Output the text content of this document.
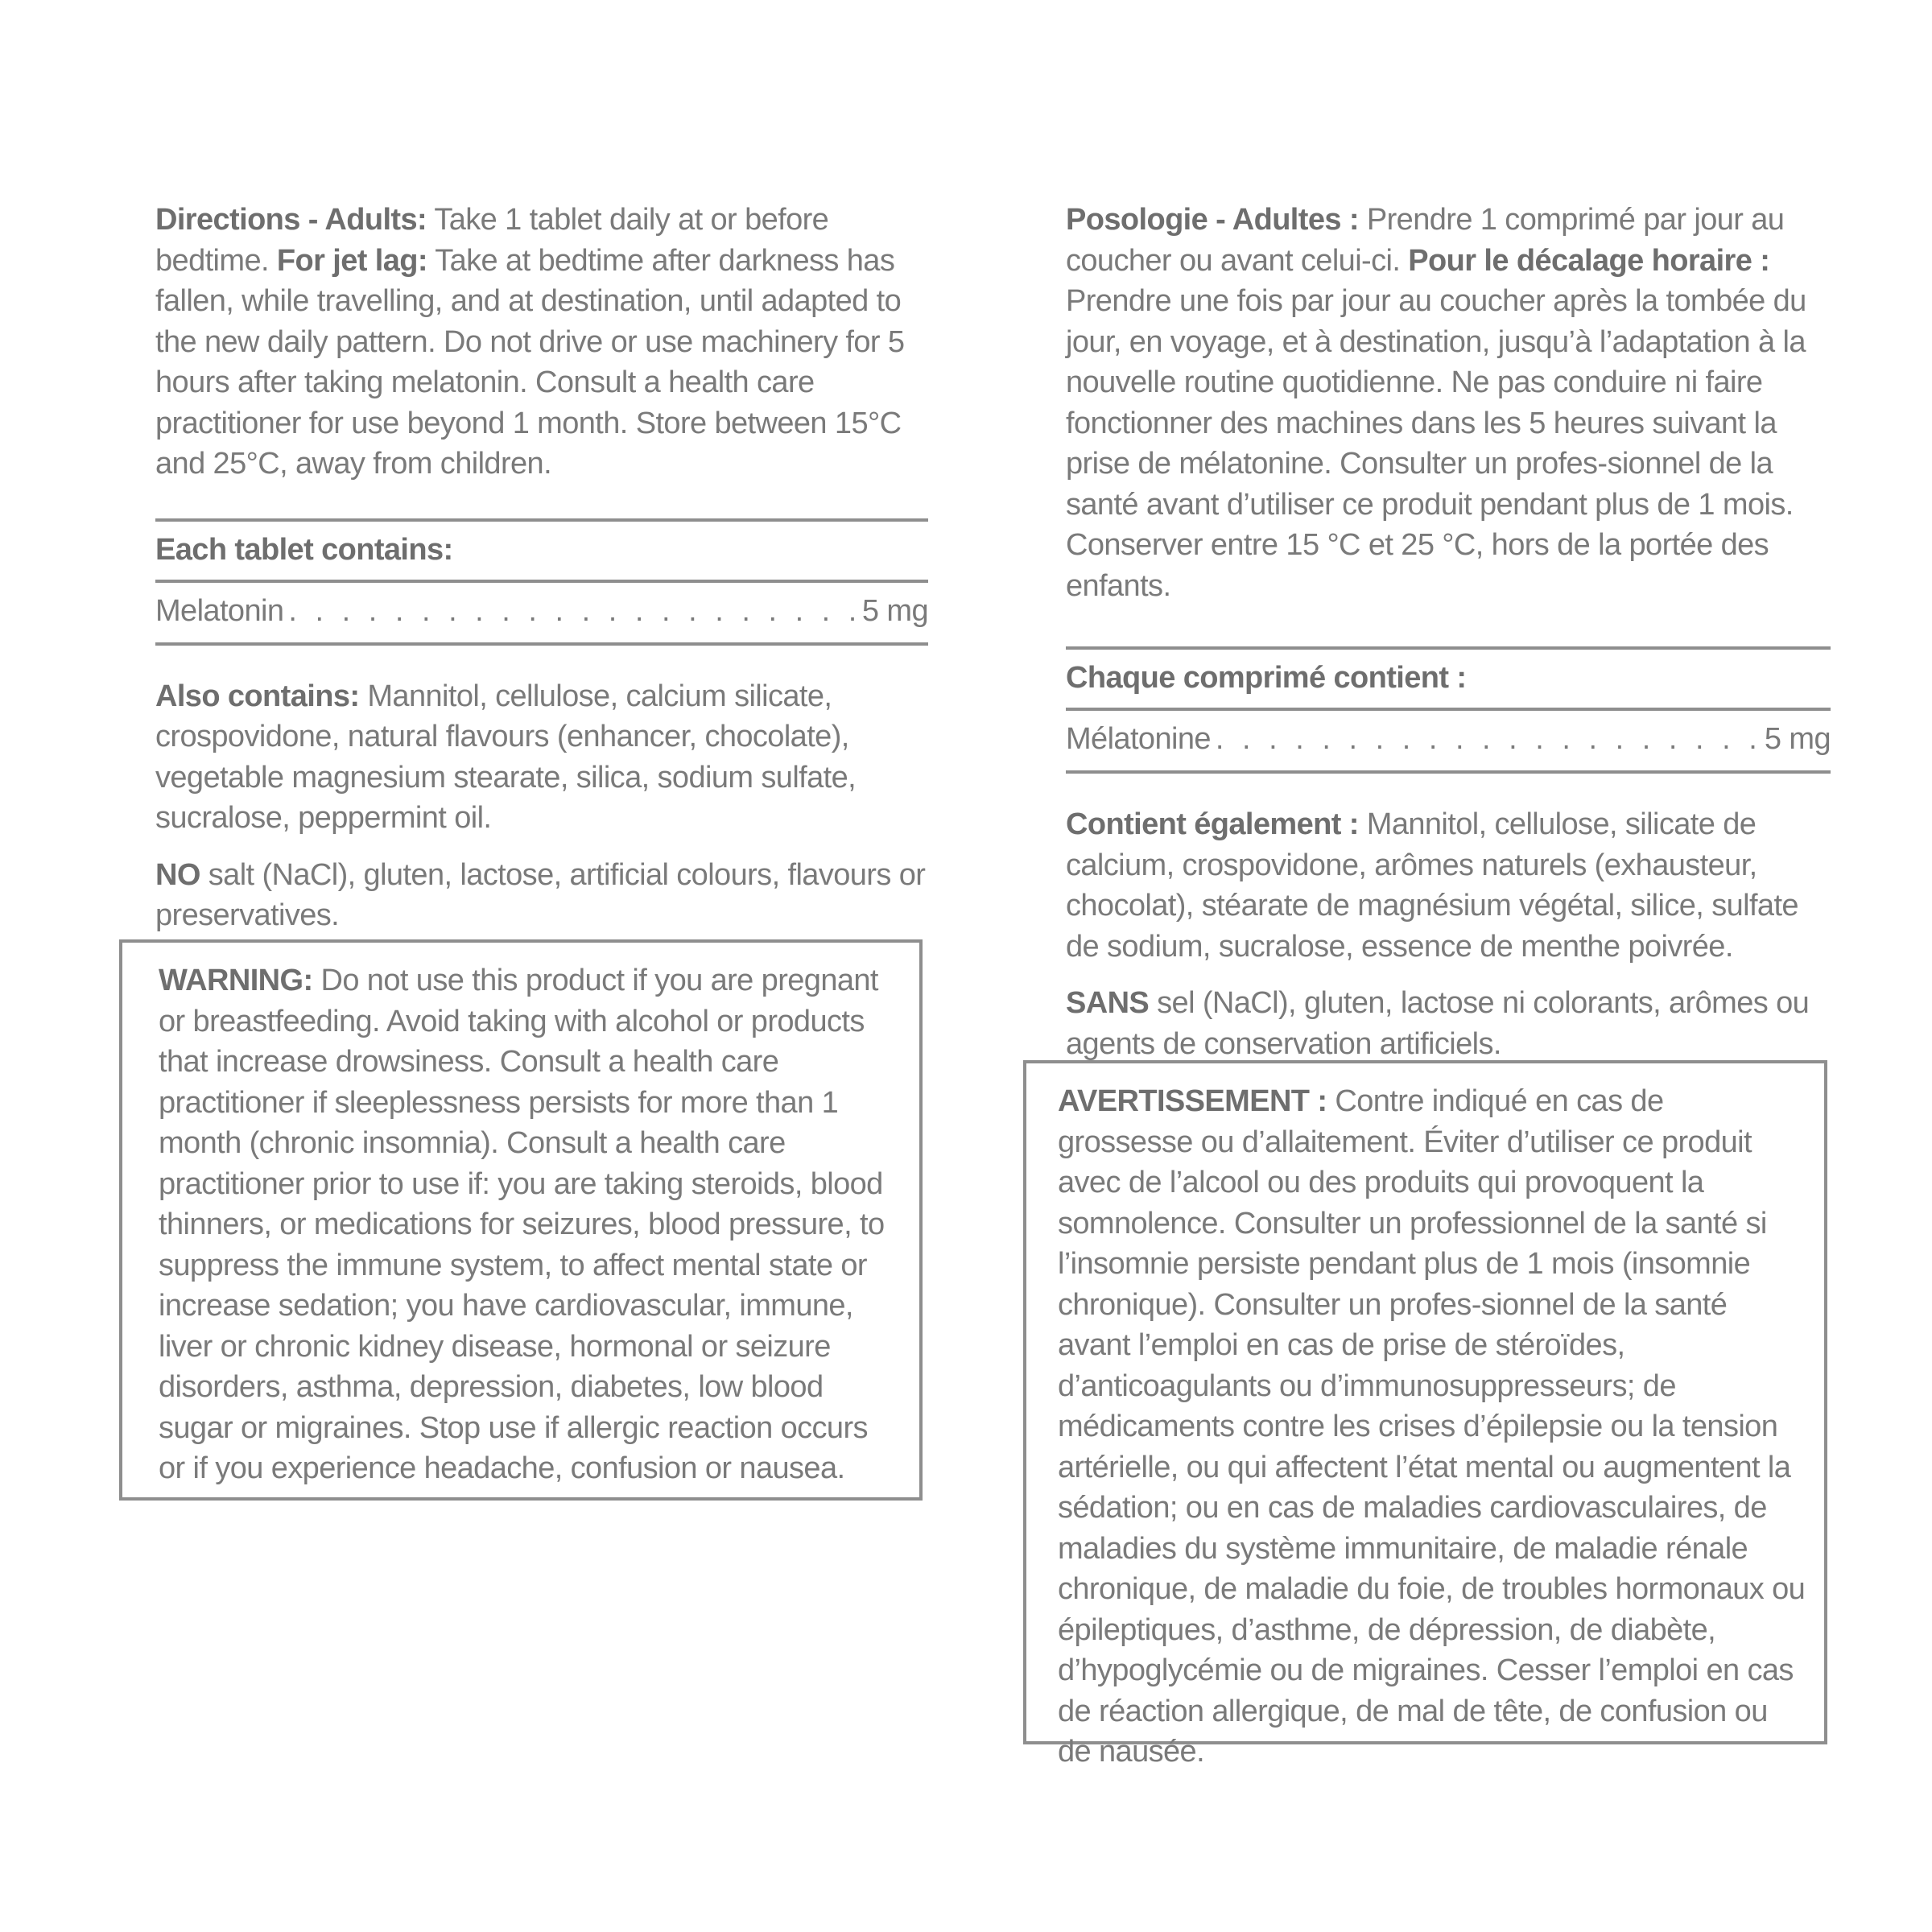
Directions - Adults: Take 1 tablet daily at or before bedtime. For jet lag: Take at bedtime after darkness has fallen, while travelling, and at destination, until adapted to the new daily pattern. Do not drive or use machinery for 5 hours after taking melatonin. Consult a health care practitioner for use beyond 1 month. Store between 15°C and 25°C, away from children.

Each tablet contains:
Melatonin . . .	5 mg

Also contains: Mannitol, cellulose, calcium silicate, crospovidone, natural flavours (enhancer, chocolate), vegetable magnesium stearate, silica, sodium sulfate, sucralose, peppermint oil.

NO salt (NaCl), gluten, lactose, artificial colours, flavours or preservatives.

WARNING: Do not use this product if you are pregnant or breastfeeding. Avoid taking with alcohol or products that increase drowsiness. Consult a health care practitioner if sleeplessness persists for more than 1 month (chronic insomnia). Consult a health care practitioner prior to use if: you are taking steroids, blood thinners, or medications for seizures, blood pressure, to suppress the immune system, to affect mental state or increase sedation; you have cardiovascular, immune, liver or chronic kidney disease, hormonal or seizure disorders, asthma, depression, diabetes, low blood sugar or migraines. Stop use if allergic reaction occurs or if you experience headache, confusion or nausea.

Posologie - Adultes : Prendre 1 comprimé par jour au coucher ou avant celui-ci. Pour le décalage horaire : Prendre une fois par jour au coucher après la tombée du jour, en voyage, et à destination, jusqu’à l’adaptation à la nouvelle routine quotidienne. Ne pas conduire ni faire fonctionner des machines dans les 5 heures suivant la prise de mélatonine. Consulter un profes-sionnel de la santé avant d’utiliser ce produit pendant plus de 1 mois. Conserver entre 15 °C et 25 °C, hors de la portée des enfants.

Chaque comprimé contient :
Mélatonine . . .	5 mg

Contient également : Mannitol, cellulose, silicate de calcium, crospovidone, arômes naturels (exhausteur, chocolat), stéarate de magnésium végétal, silice, sulfate de sodium, sucralose, essence de menthe poivrée.

SANS sel (NaCl), gluten, lactose ni colorants, arômes ou agents de conservation artificiels.

AVERTISSEMENT : Contre indiqué en cas de grossesse ou d’allaitement. Éviter d’utiliser ce produit avec de l’alcool ou des produits qui provoquent la somnolence. Consulter un professionnel de la santé si l’insomnie persiste pendant plus de 1 mois (insomnie chronique). Consulter un profes-sionnel de la santé avant l’emploi en cas de prise de stéroïdes, d’anticoagulants ou d’immunosuppresseurs; de médicaments contre les crises d’épilepsie ou la tension artérielle, ou qui affectent l’état mental ou augmentent la sédation; ou en cas de maladies cardiovasculaires, de maladies du système immunitaire, de maladie rénale chronique, de maladie du foie, de troubles hormonaux ou épileptiques, d’asthme, de dépression, de diabète, d’hypoglycémie ou de migraines. Cesser l’emploi en cas de réaction allergique, de mal de tête, de confusion ou de nausée.
